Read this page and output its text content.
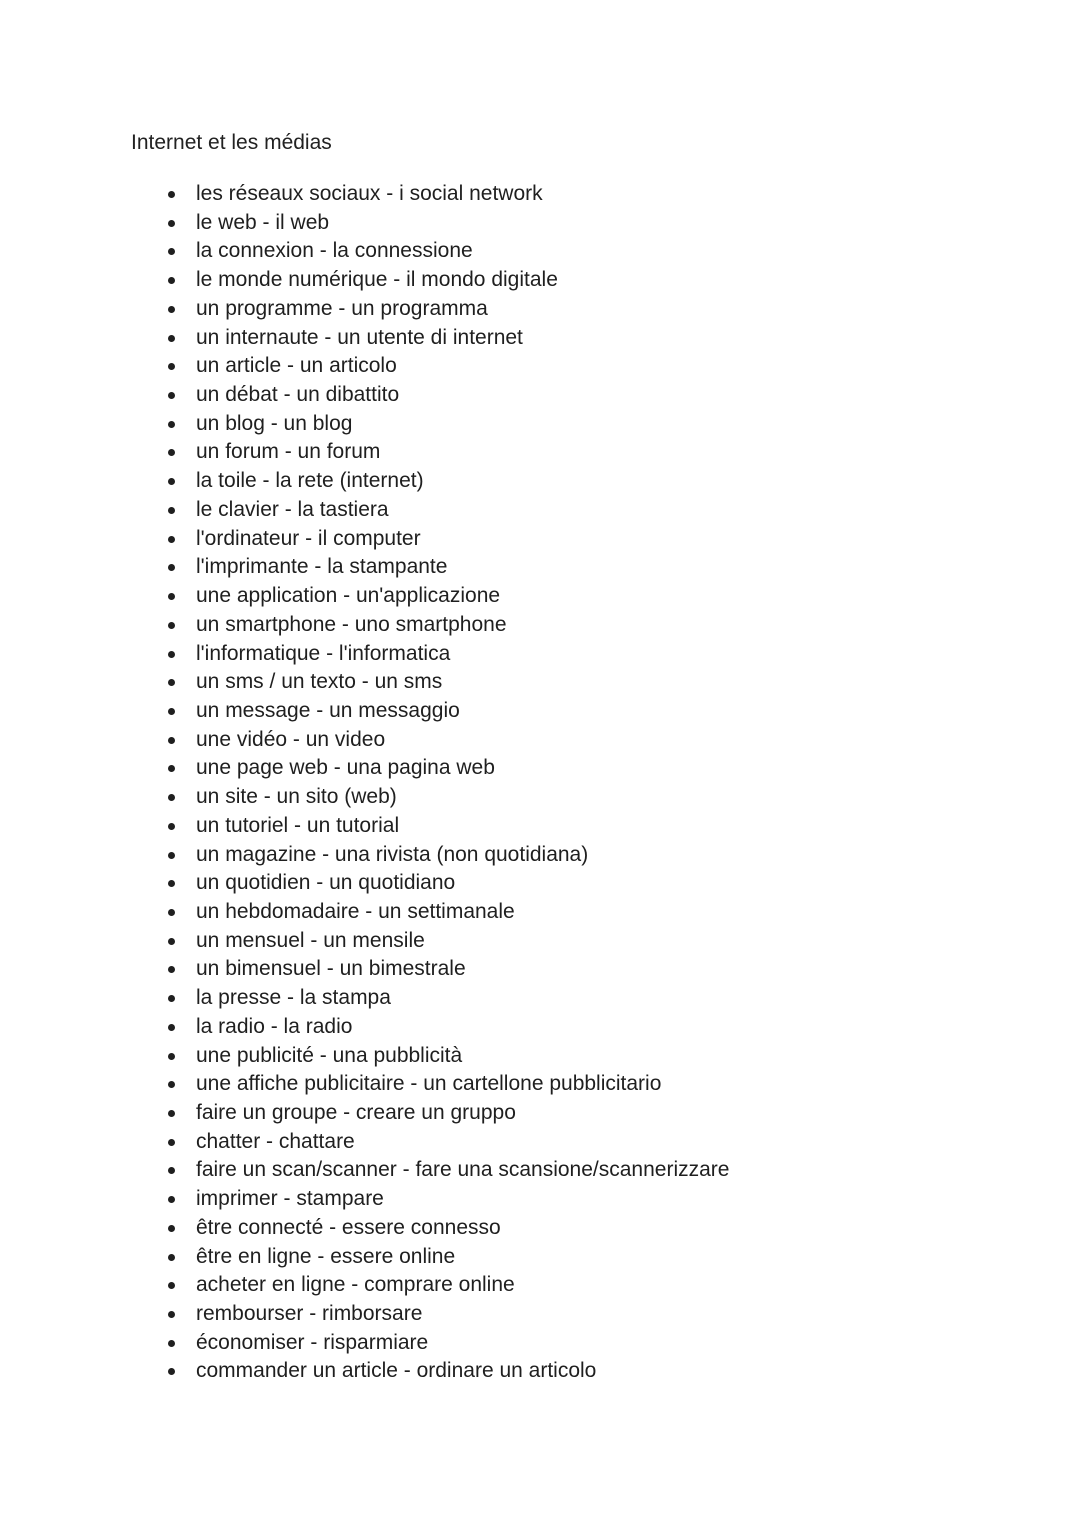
Internet et les médias
les réseaux sociaux - i social network
le web - il web
la connexion - la connessione
le monde numérique - il mondo digitale
un programme - un programma
un internaute - un utente di internet
un article - un articolo
un débat - un dibattito
un blog - un blog
un forum - un forum
la toile - la rete (internet)
le clavier - la tastiera
l'ordinateur - il computer
l'imprimante - la stampante
une application - un'applicazione
un smartphone - uno smartphone
l'informatique - l'informatica
un sms / un texto - un sms
un message - un messaggio
une vidéo - un video
une page web - una pagina web
un site - un sito (web)
un tutoriel - un tutorial
un magazine - una rivista (non quotidiana)
un quotidien - un quotidiano
un hebdomadaire - un settimanale
un mensuel - un mensile
un bimensuel - un bimestrale
la presse - la stampa
la radio - la radio
une publicité - una pubblicità
une affiche publicitaire - un cartellone pubblicitario
faire un groupe - creare un gruppo
chatter - chattare
faire un scan/scanner - fare una scansione/scannerizzare
imprimer - stampare
être connecté - essere connesso
être en ligne - essere online
acheter en ligne - comprare online
rembourser - rimborsare
économiser - risparmiare
commander un article - ordinare un articolo
